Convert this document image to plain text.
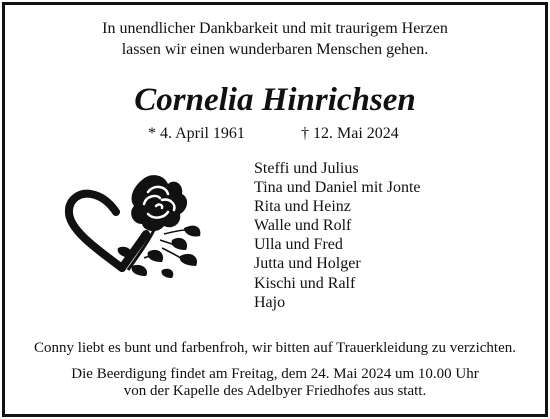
In unendlicher Dankbarkeit und mit traurigem Herzen
lassen wir einen wunderbaren Menschen gehen.
Cornelia Hinrichsen
* 4. April 1961	† 12. Mai 2024
Steffi und Julius
Tina und Daniel mit Jonte
Rita und Heinz
Walle und Rolf
Ulla und Fred
Jutta und Holger
Kischi und Ralf
Hajo
Conny liebt es bunt und farbenfroh, wir bitten auf Trauerkleidung zu verzichten.
Die Beerdigung findet am Freitag, dem 24. Mai 2024 um 10.00 Uhr
von der Kapelle des Adelbyer Friedhofes aus statt.
